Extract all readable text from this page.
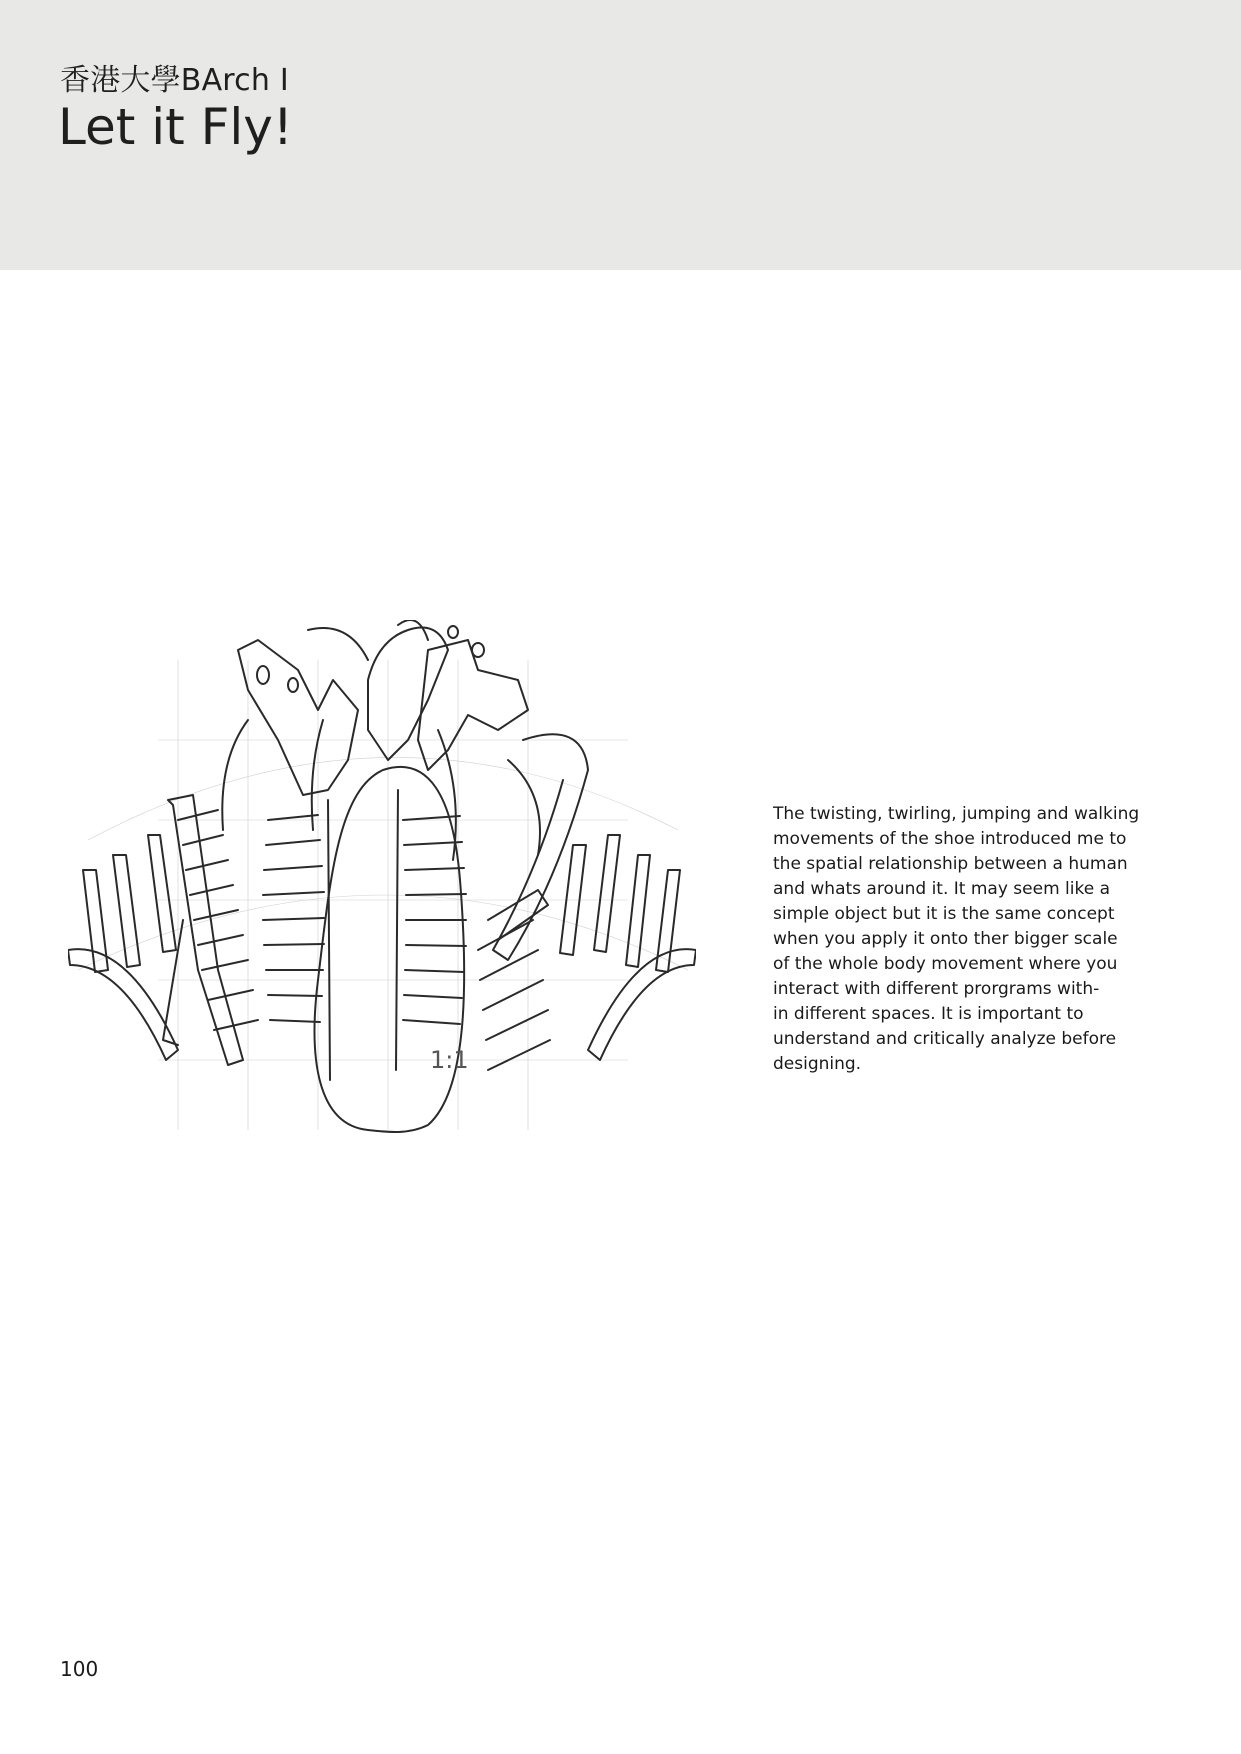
香港大學BArch I
Let it Fly!
1:1
The twisting, twirling, jumping and walking
movements of the shoe introduced me to
the spatial relationship between a human
and whats around it. It may seem like a
simple object but it is the same concept
when you apply it onto ther bigger scale
of the whole body movement where you
interact with different prorgrams with-
in different spaces. It is important to
understand and critically analyze before
designing.
100
